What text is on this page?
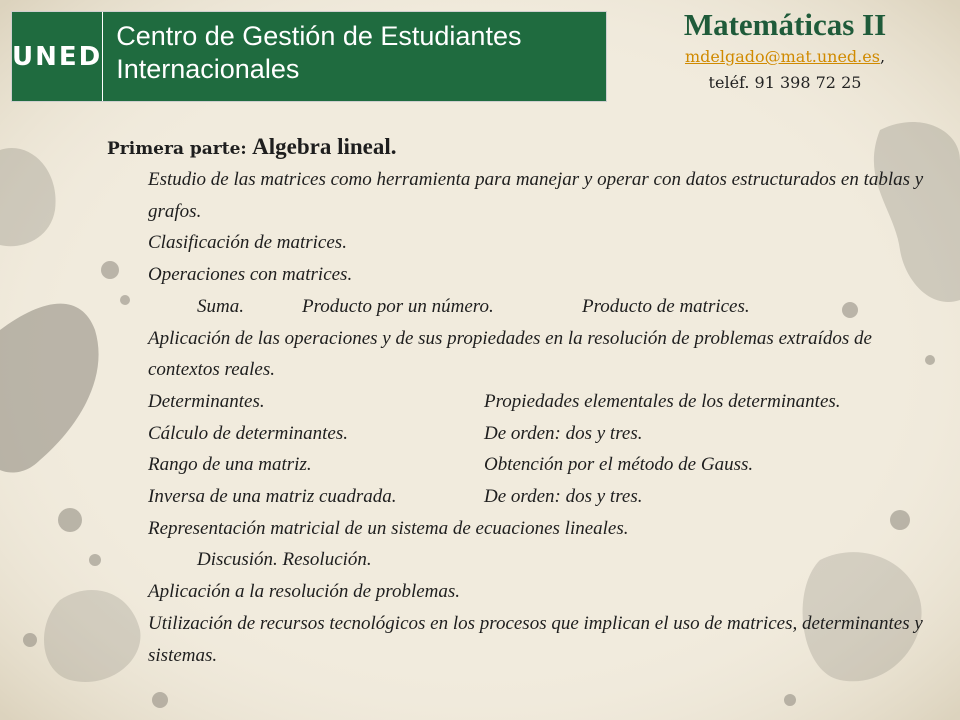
UNED
Centro de Gestión de Estudiantes Internacionales
Matemáticas II
mdelgado@mat.uned.es,
teléf. 91 398 72 25
Primera parte: Algebra lineal.
Estudio de las matrices como herramienta para manejar y operar con datos estructurados en tablas y grafos.
Clasificación de matrices.
Operaciones con matrices.
Suma.	Producto por un número.	Producto de matrices.
Aplicación de las operaciones y de sus propiedades en la resolución de problemas extraídos de contextos reales.
Determinantes.	Propiedades elementales de los determinantes.
Cálculo de determinantes.	De orden: dos y tres.
Rango de una matriz.	Obtención por el método de Gauss.
Inversa de una matriz cuadrada.	De orden: dos y tres.
Representación matricial de un sistema de ecuaciones lineales.
Discusión. Resolución.
Aplicación a la resolución de problemas.
Utilización de recursos tecnológicos en los procesos que implican el uso de matrices, determinantes y sistemas.
